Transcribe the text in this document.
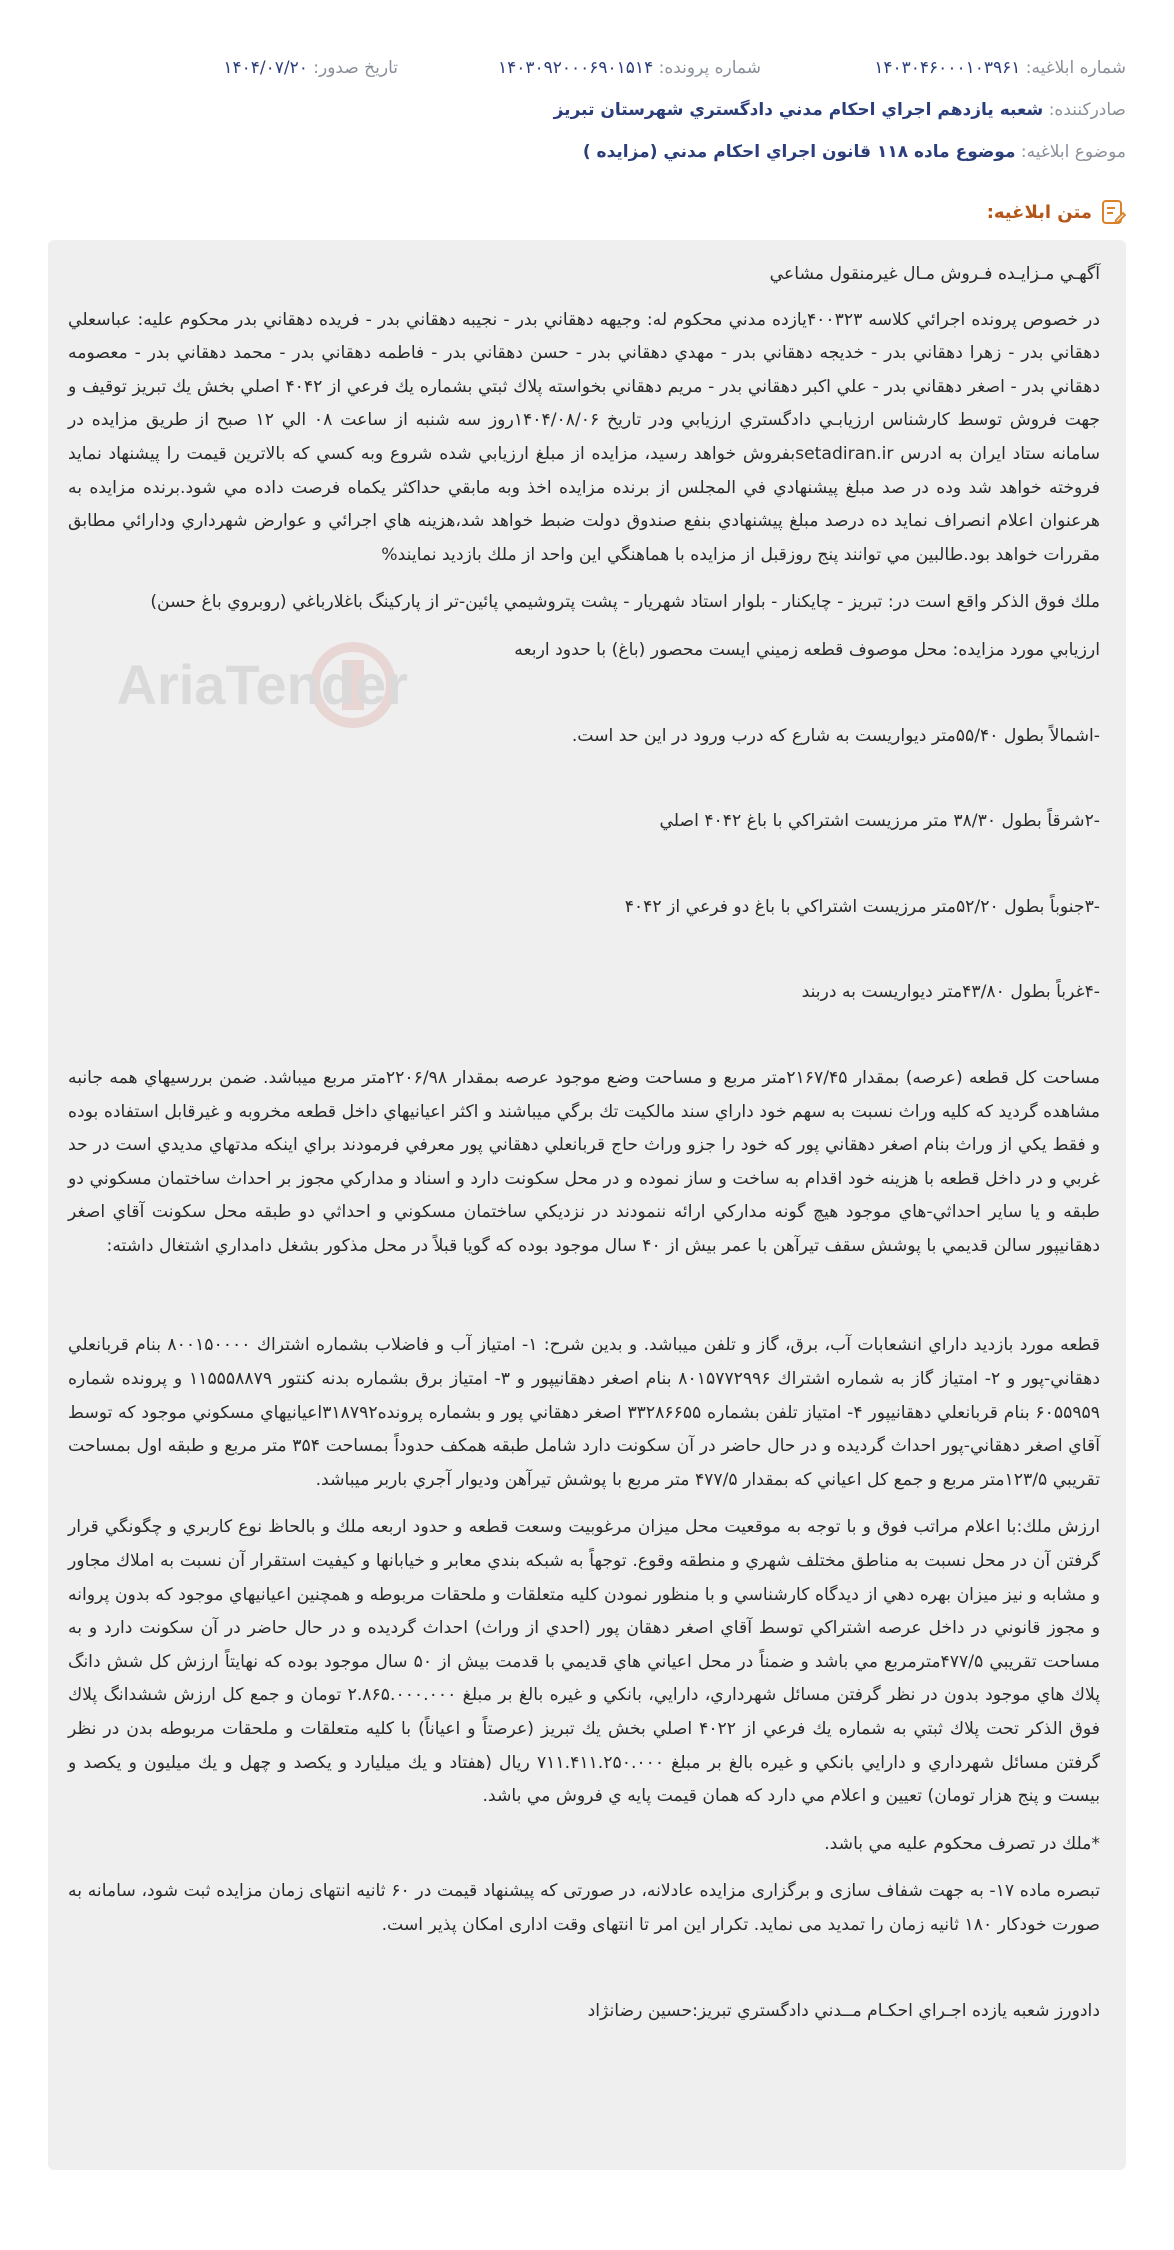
شماره ابلاغیه: ۱۴۰۳۰۴۶۰۰۰۱۰۳۹۶۱
شماره پرونده: ۱۴۰۳۰۹۲۰۰۰۶۹۰۱۵۱۴
تاریخ صدور: ۱۴۰۴/۰۷/۲۰
صادرکننده: شعبه یازدهم اجراي احكام مدني دادگستري شهرستان تبريز
موضوع ابلاغیه: موضوع ماده ۱۱۸ قانون اجراي احكام مدني (مزايده )
متن ابلاغیه:
AriaTender

آگهـي مـزايـده فـروش مـال غيرمنقول مشاعي

در خصوص پرونده اجرائي كلاسه ۴۰۰۳۲۳يازده مدني محكوم له: وجيهه دهقاني بدر - نجيبه دهقاني بدر - فريده دهقاني بدر محكوم عليه: عباسعلي دهقاني بدر - زهرا دهقاني بدر - خديجه دهقاني بدر - مهدي دهقاني بدر - حسن دهقاني بدر - فاطمه دهقاني بدر - محمد دهقاني بدر - معصومه دهقاني بدر - اصغر دهقاني بدر - علي اكبر دهقاني بدر - مريم دهقاني بخواسته پلاك ثبتي بشماره يك فرعي از ۴۰۴۲ اصلي بخش يك تبريز توقيف و جهت فروش توسط كارشناس ارزيابـي دادگستري ارزيابي ودر تاريخ ۱۴۰۴/۰۸/۰۶روز سه شنبه از ساعت ۰۸ الي ۱۲ صبح از طريق مزايده در سامانه ستاد ايران به ادرس setadiran.irبفروش خواهد رسيد، مزايده از مبلغ ارزيابي شده شروع وبه كسي كه بالاترين قيمت را پيشنهاد نمايد فروخته خواهد شد وده در صد مبلغ پيشنهادي في المجلس از برنده مزايده اخذ وبه مابقي حداكثر يكماه فرصت داده مي شود.برنده مزايده به هرعنوان اعلام انصراف نمايد ده درصد مبلغ پيشنهادي بنفع صندوق دولت ضبط خواهد شد،هزينه هاي اجرائي و عوارض شهرداري ودارائي مطابق مقررات خواهد بود.طالبين مي توانند پنج روزقبل از مزايده با هماهنگي اين واحد از ملك بازديد نمايند%

ملك فوق الذكر واقع است در: تبريز - چايكنار - بلوار استاد شهريار - پشت پتروشيمي پائين-تر از پاركينگ باغلارباغي (روبروي باغ حسن)

ارزيابي مورد مزايده: محل موصوف قطعه زميني ايست محصور (باغ) با حدود اربعه

-اشمالاً بطول ۵۵/۴۰متر ديواريست به شارع كه درب ورود در اين حد است.

-۲شرقاً بطول ۳۸/۳۰ متر مرزيست اشتراكي با باغ ۴۰۴۲ اصلي

-۳جنوباً بطول ۵۲/۲۰متر مرزيست اشتراكي با باغ دو فرعي از ۴۰۴۲

-۴غرباً بطول ۴۳/۸۰متر ديواريست به دربند

مساحت كل قطعه (عرصه) بمقدار ۲۱۶۷/۴۵متر مربع و مساحت وضع موجود عرصه بمقدار ۲۲۰۶/۹۸متر مربع ميباشد. ضمن بررسيهاي همه جانبه مشاهده گرديد كه كليه وراث نسبت به سهم خود داراي سند مالكيت تك برگي ميباشند و اكثر اعيانيهاي داخل قطعه مخروبه و غيرقابل استفاده بوده و فقط يكي از وراث بنام اصغر دهقاني پور كه خود را جزو وراث حاج قربانعلي دهقاني پور معرفي فرمودند براي اينكه مدتهاي مديدي است در حد غربي و در داخل قطعه با هزينه خود اقدام به ساخت و ساز نموده و در محل سكونت دارد و اسناد و مداركي مجوز بر احداث ساختمان مسكوني دو طبقه و يا ساير احداثي-هاي موجود هيچ گونه مداركي ارائه ننمودند در نزديكي ساختمان مسكوني و احداثي دو طبقه محل سكونت آقاي اصغر دهقانيپور سالن قديمي با پوشش سقف تيرآهن با عمر بيش از ۴۰ سال موجود بوده كه گويا قبلاً در محل مذكور بشغل دامداري اشتغال داشته:

قطعه مورد بازديد داراي انشعابات آب، برق، گاز و تلفن ميباشد. و بدين شرح: ۱- امتياز آب و فاضلاب بشماره اشتراك ۸۰۰۱۵۰۰۰۰ بنام قربانعلي دهقاني-پور و ۲- امتياز گاز به شماره اشتراك ۸۰۱۵۷۷۲۹۹۶ بنام اصغر دهقانيپور و ۳- امتياز برق بشماره بدنه كنتور ۱۱۵۵۵۸۸۷۹ و پرونده شماره ۶۰۵۵۹۵۹ بنام قربانعلي دهقانيپور ۴- امتياز تلفن بشماره ۳۳۲۸۶۶۵۵ اصغر دهقاني پور و بشماره پرونده۳۱۸۷۹۲اعيانيهاي مسكوني موجود كه توسط آقاي اصغر دهقاني-پور احداث گرديده و در حال حاضر در آن سكونت دارد شامل طبقه همكف حدوداً بمساحت ۳۵۴ متر مربع و طبقه اول بمساحت تقريبي ۱۲۳/۵متر مربع و جمع كل اعياني كه بمقدار ۴۷۷/۵ متر مربع با پوشش تيرآهن وديوار آجري باربر ميباشد.

ارزش ملك:با اعلام مراتب فوق و با توجه به موقعيت محل ميزان مرغوبيت وسعت قطعه و حدود اربعه ملك و بالحاظ نوع كاربري و چگونگي قرار گرفتن آن در محل نسبت به مناطق مختلف شهري و منطقه وقوع. توجهاً به شبكه بندي معابر و خيابانها و كيفيت استقرار آن نسبت به املاك مجاور و مشابه و نيز ميزان بهره دهي از ديدگاه كارشناسي و با منظور نمودن كليه متعلقات و ملحقات مربوطه و همچنين اعيانيهاي موجود كه بدون پروانه و مجوز قانوني در داخل عرصه اشتراكي توسط آقاي اصغر دهقان پور (احدي از وراث) احداث گرديده و در حال حاضر در آن سكونت دارد و به مساحت تقريبي ۴۷۷/۵مترمربع مي باشد و ضمناً در محل اعياني هاي قديمي با قدمت بيش از ۵۰ سال موجود بوده كه نهايتاً ارزش كل شش دانگ پلاك هاي موجود بدون در نظر گرفتن مسائل شهرداري، دارايي، بانكي و غيره بالغ بر مبلغ ۲.۸۶۵.۰۰۰.۰۰۰ تومان و جمع كل ارزش ششدانگ پلاك فوق الذكر تحت پلاك ثبتي به شماره يك فرعي از ۴۰۲۲ اصلي بخش يك تبريز (عرصتاً و اعياناً) با كليه متعلقات و ملحقات مربوطه بدن در نظر گرفتن مسائل شهرداري و دارايي بانكي و غيره بالغ بر مبلغ ۷۱۱.۴۱۱.۲۵۰.۰۰۰ ريال (هفتاد و يك ميليارد و يكصد و چهل و يك ميليون و يكصد و بيست و پنج هزار تومان) تعيين و اعلام مي دارد كه همان قيمت پايه ي فروش مي باشد.

*ملك در تصرف محكوم عليه مي باشد.

تبصره ماده ۱۷- به جهت شفاف سازی و برگزاری مزایده عادلانه، در صورتی که پیشنهاد قیمت در ۶۰ ثانیه انتهای زمان مزایده ثبت شود، سامانه به صورت خودکار ۱۸۰ ثانیه زمان را تمدید می نماید. تکرار این امر تا انتهای وقت اداری امکان پذیر است.

دادورز شعبه يازده اجـراي احكـام مــدني دادگستري تبريز:حسين رضانژاد
